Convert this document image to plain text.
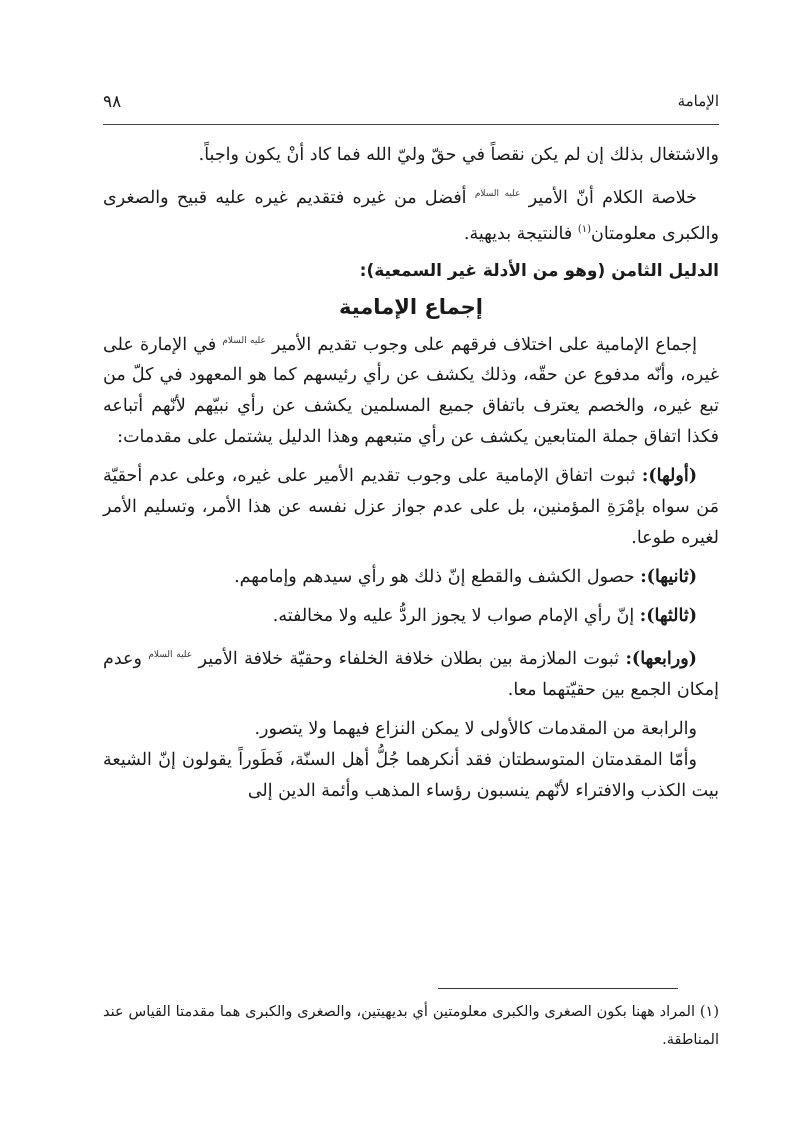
الإمامة
٩٨

والاشتغال بذلك إن لم يكن نقصاً في حقّ وليّ الله فما كاد أنْ يكون واجباً.

خلاصة الكلام أنّ الأمير $^{عليه السلام}$ أفضل من غيره فتقديم غيره عليه قبيح والصغرى والكبرى معلومتان$^{(١)}$ فالنتيجة بديهية.

الدليل الثامن (وهو من الأدلة غير السمعية):
إجماع الإمامية

إجماع الإمامية على اختلاف فرقهم على وجوب تقديم الأمير $^{عليه السلام}$ في الإمارة على غيره، وأنّه مدفوع عن حقّه، وذلك يكشف عن رأي رئيسهم كما هو المعهود في كلّ من تبع غيره، والخصم يعترف باتفاق جميع المسلمين يكشف عن رأي نبيّهم لأنّهم أتباعه فكذا اتفاق جملة المتابعين يكشف عن رأي متبعهم وهذا الدليل يشتمل على مقدمات:

(أولها): ثبوت اتفاق الإمامية على وجوب تقديم الأمير على غيره، وعلى عدم أحقيّة مَن سواه بإمْرَةِ المؤمنين، بل على عدم جواز عزل نفسه عن هذا الأمر، وتسليم الأمر لغيره طوعا.

(ثانيها): حصول الكشف والقطع إنّ ذلك هو رأي سيدهم وإمامهم.

(ثالثها): إنّ رأي الإمام صواب لا يجوز الردُّ عليه ولا مخالفته.

(ورابعها): ثبوت الملازمة بين بطلان خلافة الخلفاء وحقيّة خلافة الأمير $^{عليه السلام}$ وعدم إمكان الجمع بين حقيّتهما معا.

والرابعة من المقدمات كالأولى لا يمكن النزاع فيهما ولا يتصور.

وأمّا المقدمتان المتوسطتان فقد أنكرهما جُلُّ أهل السنّة، فَطَوراً يقولون إنّ الشيعة بيت الكذب والافتراء لأنّهم ينسبون رؤساء المذهب وأئمة الدين إلى

(١) المراد ههنا بكون الصغرى والكبرى معلومتين أي بديهيتين، والصغرى والكبرى هما مقدمتا القياس عند المناطقة.
